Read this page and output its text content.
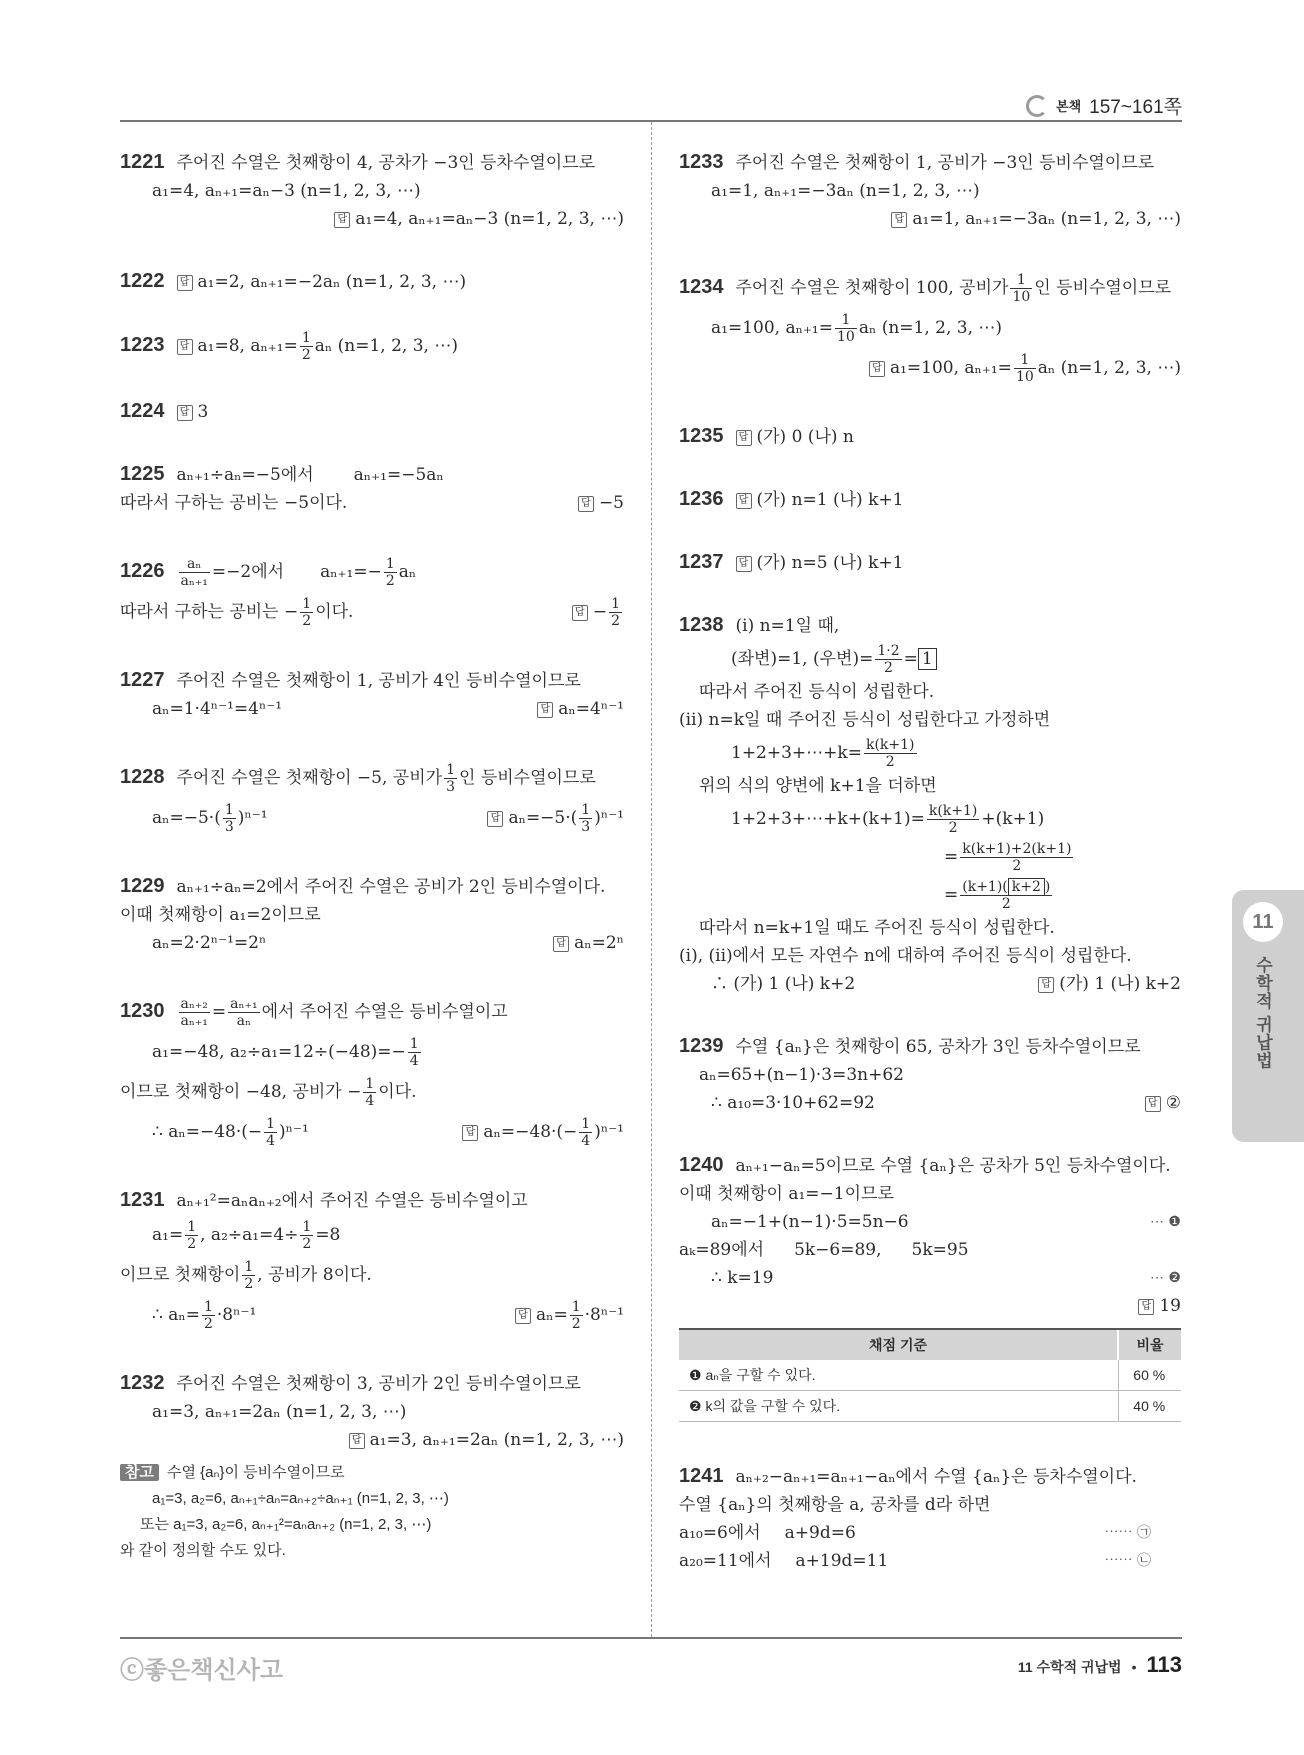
본책 157~161쪽
1221 주어진 수열은 첫째항이 4, 공차가 −3인 등차수열이므로
a₁=4, aₙ₊₁=aₙ−3 (n=1, 2, 3, ⋯)
답 a₁=4, aₙ₊₁=aₙ−3 (n=1, 2, 3, ⋯)
1222 답 a₁=2, aₙ₊₁=−2aₙ (n=1, 2, 3, ⋯)
1223 답 a₁=8, $a_{n+1}= \frac{1}{2}$ aₙ (n=1, 2, 3, ⋯)
1224 답 3
1225 aₙ₊₁÷aₙ=−5에서 aₙ₊₁=−5aₙ
따라서 구하는 공비는 −5이다.	답 −5
$1226 \frac{\text{aₙ}}{\text{aₙ₊₁}} =-2$에서 $a_{n+1}=- \frac{1}{2}$ aₙ
따라서 구하는 공비는 − $\frac{1}{2}$ 이다.	답 − $\frac{1}{2}$
1227 주어진 수열은 첫째항이 1, 공비가 4인 등비수열이므로
aₙ=1·4ⁿ⁻¹=4ⁿ⁻¹	답 aₙ=4ⁿ⁻¹
1228 주어진 수열은 첫째항이 −5, 공비가 $\frac{1}{3}$ 인 등비수열이므로
$a_n=-5\cdot( \frac{1}{3} )^{n-1}$	답 $a_n=-5\cdot( \frac{1}{3} )^{n-1}$
1229 aₙ₊₁÷aₙ=2에서 주어진 수열은 공비가 2인 등비수열이다.
이때 첫째항이 a₁=2이므로
aₙ=2·2ⁿ⁻¹=2ⁿ	답 aₙ=2ⁿ
$1230 \frac{\text{aₙ₊₂}}{\text{aₙ₊₁}} = \frac{\text{aₙ₊₁}}{\text{aₙ}}$ 에서 주어진 수열은 등비수열이고
a₁=−48, $a_2\div a_1=12\div(-48)=- \frac{1}{4}$
이므로 첫째항이 −48, 공비가 − $\frac{1}{4}$ 이다.
∴ $a_n=-48\cdot(- \frac{1}{4} )^{n-1}$	답 $a_n=-48\cdot(- \frac{1}{4} )^{n-1}$
1231 aₙ₊₁²=aₙaₙ₊₂에서 주어진 수열은 등비수열이고
$a_1= \frac{1}{2}$ , $a_2\div a_1=4\div \frac{1}{2} =8$
이므로 첫째항이 $\frac{1}{2}$ , 공비가 8이다.
∴ $a_n= \frac{1}{2} \cdot 8^{n-1}$	답 $a_n= \frac{1}{2} \cdot 8^{n-1}$
1232 주어진 수열은 첫째항이 3, 공비가 2인 등비수열이므로
a₁=3, aₙ₊₁=2aₙ (n=1, 2, 3, ⋯)
답 a₁=3, aₙ₊₁=2aₙ (n=1, 2, 3, ⋯)
참고 수열 {aₙ}이 등비수열이므로
a₁=3, a₂=6, aₙ₊₁÷aₙ=aₙ₊₂÷aₙ₊₁ (n=1, 2, 3, ⋯)
또는 a₁=3, a₂=6, aₙ₊₁²=aₙaₙ₊₂ (n=1, 2, 3, ⋯)
와 같이 정의할 수도 있다.
1233 주어진 수열은 첫째항이 1, 공비가 −3인 등비수열이므로
a₁=1, aₙ₊₁=−3aₙ (n=1, 2, 3, ⋯)
답 a₁=1, aₙ₊₁=−3aₙ (n=1, 2, 3, ⋯)
1234 주어진 수열은 첫째항이 100, 공비가 $\frac{1}{10}$ 인 등비수열이므로
a₁=100, $a_{n+1}= \frac{1}{10}$ aₙ (n=1, 2, 3, ⋯)
답 a₁=100, $a_{n+1}= \frac{1}{10}$ aₙ (n=1, 2, 3, ⋯)
1235 답 (가) 0 (나) n
1236 답 (가) n=1 (나) k+1
1237 답 (가) n=5 (나) k+1
1238 (i) n=1일 때,
(좌변)=1, (우변)= $\frac{1\cdot 2}{2} = 1$
따라서 주어진 등식이 성립한다.
(ii) n=k일 때 주어진 등식이 성립한다고 가정하면
1+2+3+⋯+k= $\frac{k(k+1)}{2}$
위의 식의 양변에 k+1을 더하면
1+2+3+⋯+k+(k+1)= $\frac{k(k+1)}{2} +(k+1)$
= $\frac{k(k+1)+2(k+1)}{2}$
= $\frac{(k+1)( k+2 )}{2}$
따라서 n=k+1일 때도 주어진 등식이 성립한다.
(i), (ii)에서 모든 자연수 n에 대하여 주어진 등식이 성립한다.
∴ (가) 1 (나) k+2	답 (가) 1 (나) k+2
1239 수열 {aₙ}은 첫째항이 65, 공차가 3인 등차수열이므로
aₙ=65+(n−1)·3=3n+62
∴ a₁₀=3·10+62=92	답 ②
1240 aₙ₊₁−aₙ=5이므로 수열 {aₙ}은 공차가 5인 등차수열이다.
이때 첫째항이 a₁=−1이므로
aₙ=−1+(n−1)·5=5n−6	⋯ ❶
aₖ=89에서 5k−6=89, 5k=95
∴ k=19	⋯ ❷
답 19
채점 기준	비율
❶ aₙ을 구할 수 있다.	60 %
❷ k의 값을 구할 수 있다.	40 %
1241 aₙ₊₂−aₙ₊₁=aₙ₊₁−aₙ에서 수열 {aₙ}은 등차수열이다.
수열 {aₙ}의 첫째항을 a, 공차를 d라 하면
a₁₀=6에서 a+9d=6	⋯⋯ ㉠
a₂₀=11에서 a+19d=11	⋯⋯ ㉡
11
수학적 귀납법
ⓒ좋은책신사고	11 수학적 귀납법 • 113
